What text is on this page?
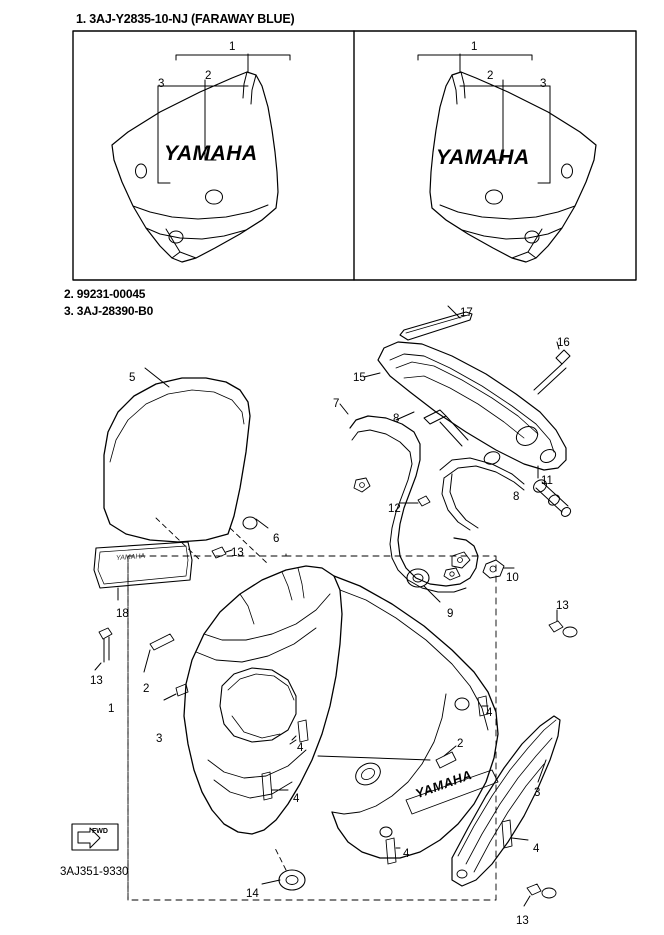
1. 3AJ-Y2835-10-NJ (FARAWAY BLUE)
2. 99231-00045
3. 3AJ-28390-B0
YAMAHA	YAMAHA
YAMAHA
YAMAHA
FWD
3AJ351-9330
1	1
1
2
3
4
4
4
4
5
6
7
8
8
9
10
11
12
13
13
13
13
14
15
16
17
18
2
3
4
2
3
2
3
